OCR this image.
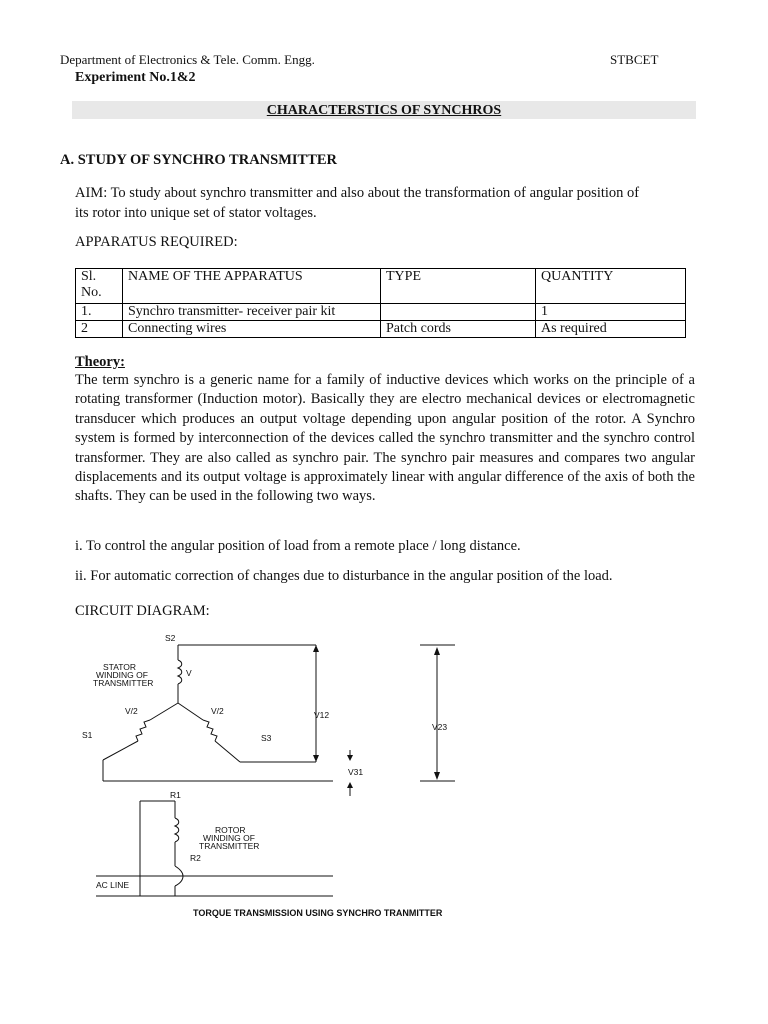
Department of Electronics & Tele. Comm. Engg.	STBCET
Experiment No.1&2
CHARACTERSTICS OF SYNCHROS
A. STUDY OF SYNCHRO TRANSMITTER
AIM: To study about synchro transmitter and also about the transformation of angular position of
its rotor into unique set of stator voltages.
APPARATUS REQUIRED:
Sl. No.	NAME OF THE APPARATUS	TYPE	QUANTITY
1.	Synchro transmitter- receiver pair kit		1
2	Connecting wires	Patch cords	As required
Theory:
The term synchro is a generic name for a family of inductive devices which works on the principle of a rotating transformer (Induction motor). Basically they are electro mechanical devices or electromagnetic transducer which produces an output voltage depending upon angular position of the rotor. A Synchro system is formed by interconnection of the devices called the synchro transmitter and the synchro control transformer. They are also called as synchro pair. The synchro pair measures and compares two angular displacements and its output voltage is approximately linear with angular difference of the axis of both the shafts. They can be used in the following two ways.
i. To control the angular position of load from a remote place / long distance.
ii. For automatic correction of changes due to disturbance in the angular position of the load.
CIRCUIT DIAGRAM:
S2
STATOR
WINDING OF
TRANSMITTER
V
V/2	V/2
S1	S3
V12
V23
V31
R1
ROTOR
WINDING OF
TRANSMITTER
R2
AC LINE
TORQUE TRANSMISSION USING SYNCHRO TRANMITTER
